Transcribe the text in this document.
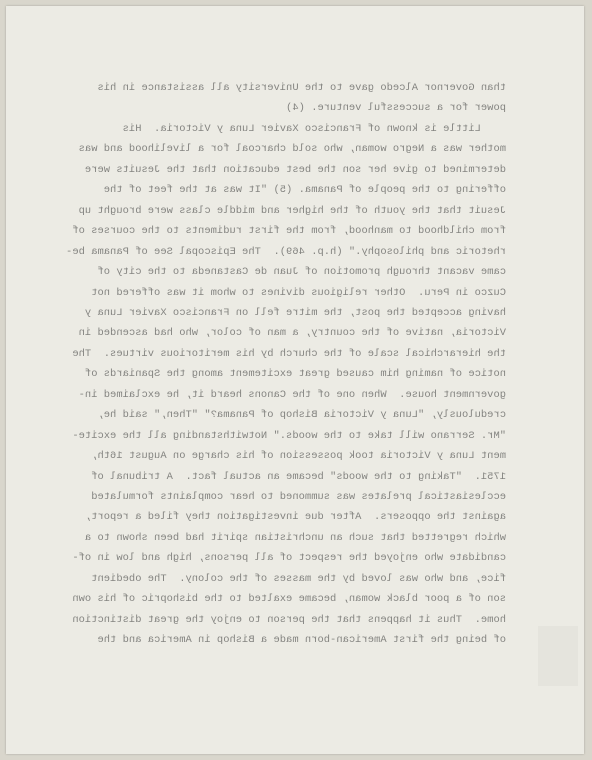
than Governor Alcedo gave to the University all assistance in his
power for a successful venture. (4)
Little is known of Francisco Xavier Luna y Victoria.  His
mother was a Negro woman, who sold charcoal for a livelihood and was
determined to give her son the best education that the Jesuits were
offering to the people of Panama. (5) "It was at the feet of the
Jesuit that the youth of the higher and middle class were brought up
from childhood to manhood, from the first rudiments to the courses of
rhetoric and philosophy." (h.p. 469).  The Episcopal See of Panama be-
came vacant through promotion of Juan de Castaneda to the city of
Cuzco in Peru.  Other religious divines to whom it was offered not
having accepted the post, the mitre fell on Francisco Xavier Luna y
Victoria, native of the country, a man of color, who had ascended in
the hierarchical scale of the church by his meritorious virtues.  The
notice of naming him caused great excitement among the Spaniards of
government house.  When one of the Canons heard it, he exclaimed in-
credulously, "Luna y Victoria Bishop of Panama?" "Then," said he,
"Mr. Serrano will take to the woods." Notwithstanding all the excite-
ment Luna y Victoria took possession of his charge on August 16th,
1751.  "Taking to the woods" became an actual fact.  A tribunal of
ecclesiastical prelates was summoned to hear complaints formulated
against the opposers.  After due investigation they filed a report,
which regretted that such an unchristian spirit had been shown to a
candidate who enjoyed the respect of all persons, high and low in of-
fice, and who was loved by the masses of the colony.  The obedient
son of a poor black woman, became exalted to the bishopric of his own
home.  Thus it happens that the person to enjoy the great distinction
of being the first American-born made a Bishop in America and the
